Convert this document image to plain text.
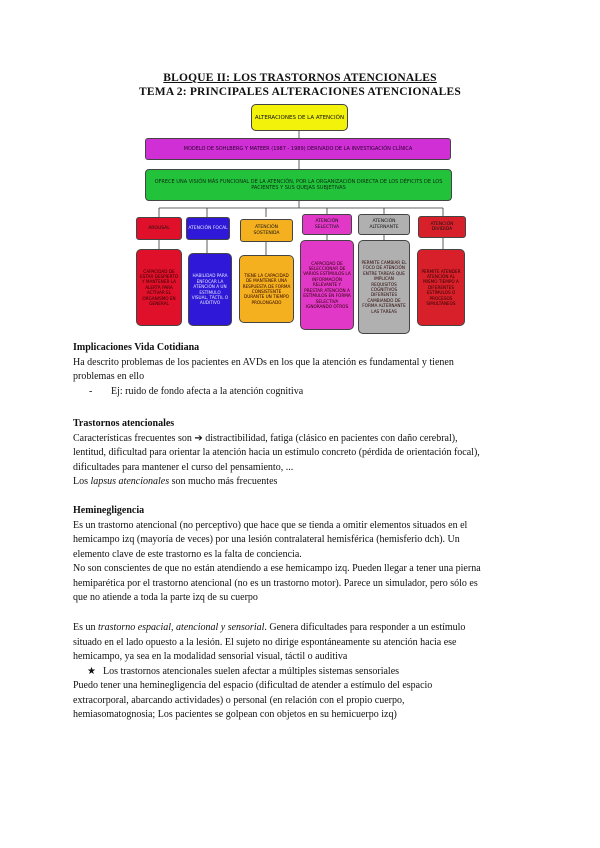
BLOQUE II: LOS TRASTORNOS ATENCIONALES
TEMA 2: PRINCIPALES ALTERACIONES ATENCIONALES
ALTERACIONES DE LA ATENCIÓN
MODELO DE SOHLBERG Y MATEER (1987 - 1989) DERIVADO DE LA INVESTIGACIÓN CLÍNICA
OFRECE UNA VISIÓN MÁS FUNCIONAL DE LA ATENCIÓN, POR LA ORGANIZACIÓN DIRECTA DE LOS DÉFICITS DE LOS PACIENTES Y SUS QUEJAS SUBJETIVAS
AROUSAL	ATENCIÓN FOCAL	ATENCIÓN SOSTENIDA
ATENCIÓN SELECTIVA
ATENCIÓN ALTERNANTE
ATENCIÓN DIVIDIDA
CAPACIDAD DE ESTAR DESPIERTO Y MANTENER LA ALERTA PARA ACTIVAR EL ORGANISMO EN GENERAL
HABILIDAD PARA ENFOCAR LA ATENCIÓN A UN ESTÍMULO VISUAL, TÁCTIL O AUDITIVO
TIENE LA CAPACIDAD DE MANTENER UNA RESPUESTA DE FORMA CONSISTENTE DURANTE UN TIEMPO PROLONGADO
CAPACIDAD DE SELECCIONAR DE VARIOS ESTÍMULOS LA INFORMACIÓN RELEVANTE Y PRESTAR ATENCIÓN A ESTÍMULOS EN FORMA SELECTIVA IGNORANDO OTROS
PERMITE CAMBIAR EL FOCO DE ATENCIÓN ENTRE TAREAS QUE IMPLICAN REQUISITOS COGNITIVOS DIFERENTES CAMBIANDO DE FORMA ALTERNANTE LAS TAREAS
PERMITE ATENDER ATENCIÓN AL MISMO TIEMPO A DIFERENTES ESTÍMULOS O PROCESOS SIMULTÁNEOS
Implicaciones Vida Cotidiana
Ha descrito problemas de los pacientes en AVDs en los que la atención es fundamental y tienen
problemas en ello
- Ej: ruido de fondo afecta a la atención cognitiva
Trastornos atencionales
Características frecuentes son ➔ distractibilidad, fatiga (clásico en pacientes con daño cerebral),
lentitud, dificultad para orientar la atención hacia un estímulo concreto (pérdida de orientación focal),
dificultades para mantener el curso del pensamiento, ...
Los lapsus atencionales son mucho más frecuentes
Heminegligencia
Es un trastorno atencional (no perceptivo) que hace que se tienda a omitir elementos situados en el
hemicampo izq (mayoría de veces) por una lesión contralateral hemisférica (hemisferio dch). Un
elemento clave de este trastorno es la falta de conciencia.
No son conscientes de que no están atendiendo a ese hemicampo izq. Pueden llegar a tener una pierna
hemiparética por el trastorno atencional (no es un trastorno motor). Parece un simulador, pero sólo es
que no atiende a toda la parte izq de su cuerpo
Es un trastorno espacial, atencional y sensorial. Genera dificultades para responder a un estímulo
situado en el lado opuesto a la lesión. El sujeto no dirige espontáneamente su atención hacia ese
hemicampo, ya sea en la modalidad sensorial visual, táctil o auditiva
★ Los trastornos atencionales suelen afectar a múltiples sistemas sensoriales
Puedo tener una heminegligencia del espacio (dificultad de atender a estímulo del espacio
extracorporal, abarcando actividades) o personal (en relación con el propio cuerpo,
hemiasomatognosia; Los pacientes se golpean con objetos en su hemicuerpo izq)
